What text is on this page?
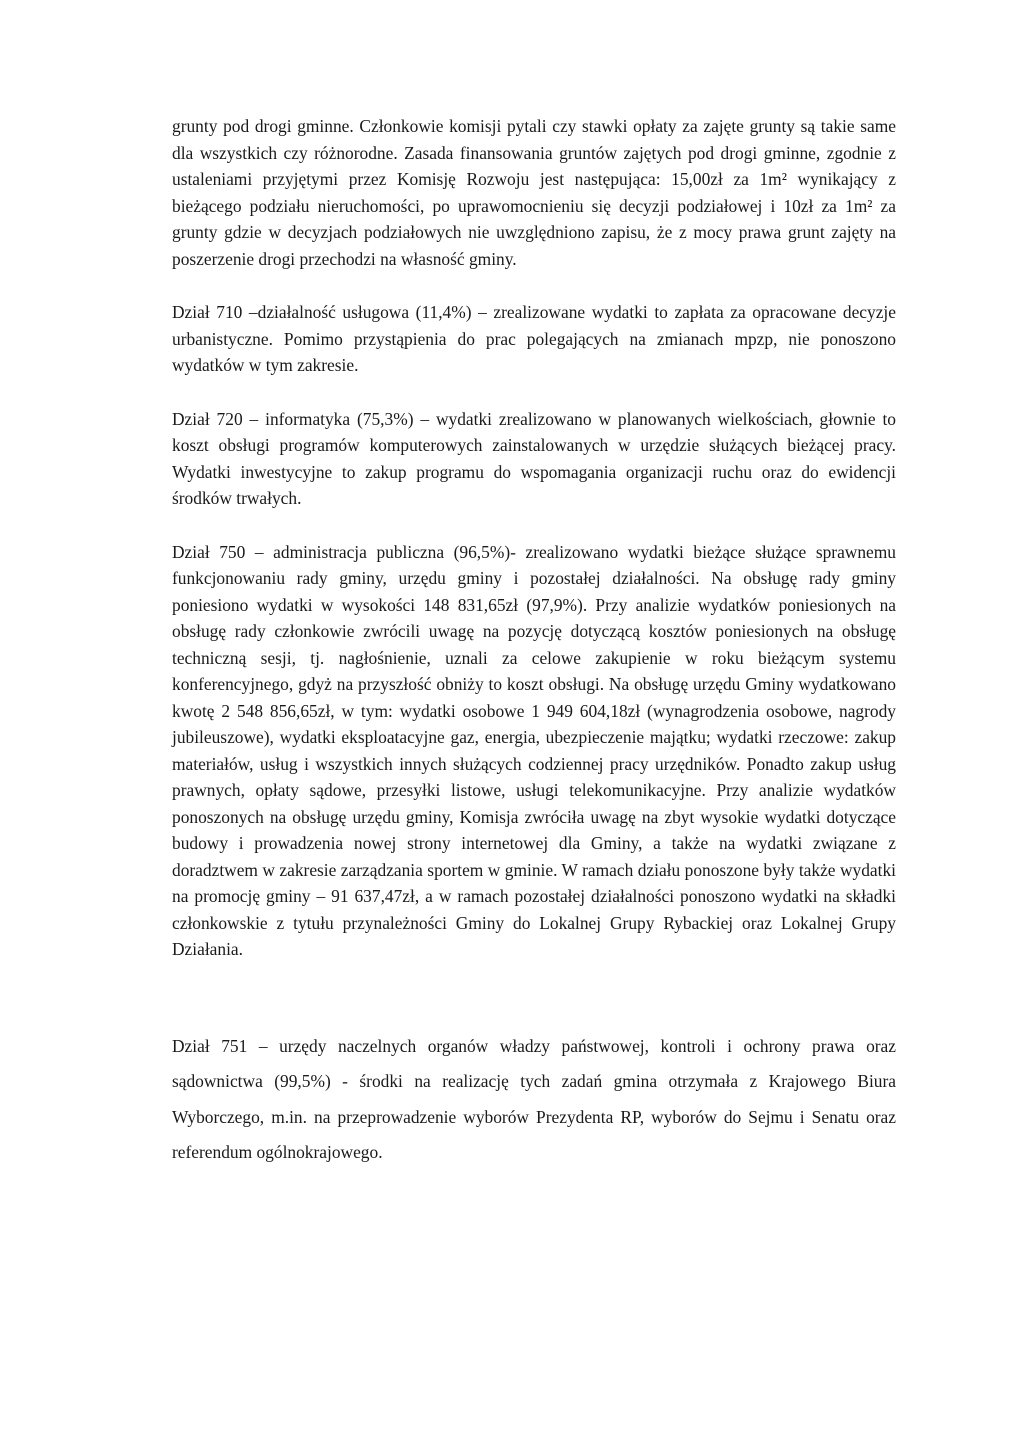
grunty pod drogi gminne. Członkowie komisji pytali czy stawki opłaty za zajęte grunty są takie same dla wszystkich czy różnorodne. Zasada finansowania gruntów zajętych pod drogi gminne, zgodnie z ustaleniami przyjętymi przez Komisję Rozwoju jest następująca: 15,00zł za 1m² wynikający z bieżącego podziału nieruchomości, po uprawomocnieniu się decyzji podziałowej i 10zł za 1m² za grunty gdzie w decyzjach podziałowych nie uwzględniono zapisu, że z mocy prawa grunt zajęty na poszerzenie drogi przechodzi na własność gminy.

Dział 710 –działalność usługowa (11,4%) – zrealizowane wydatki to zapłata za opracowane decyzje urbanistyczne. Pomimo przystąpienia do prac polegających na zmianach mpzp, nie ponoszono wydatków w tym zakresie.

Dział 720 – informatyka (75,3%) – wydatki zrealizowano w planowanych wielkościach, głownie to koszt obsługi programów komputerowych zainstalowanych w urzędzie służących bieżącej pracy. Wydatki inwestycyjne to zakup programu do wspomagania organizacji ruchu oraz do ewidencji środków trwałych.

Dział 750 – administracja publiczna (96,5%)- zrealizowano wydatki bieżące służące sprawnemu funkcjonowaniu rady gminy, urzędu gminy i pozostałej działalności. Na obsługę rady gminy poniesiono wydatki w wysokości 148 831,65zł (97,9%). Przy analizie wydatków poniesionych na obsługę rady członkowie zwrócili uwagę na pozycję dotyczącą kosztów poniesionych na obsługę techniczną sesji, tj. nagłośnienie, uznali za celowe zakupienie w roku bieżącym systemu konferencyjnego, gdyż na przyszłość obniży to koszt obsługi. Na obsługę urzędu Gminy wydatkowano kwotę 2 548 856,65zł, w tym: wydatki osobowe 1 949 604,18zł (wynagrodzenia osobowe, nagrody jubileuszowe), wydatki eksploatacyjne gaz, energia, ubezpieczenie majątku; wydatki rzeczowe: zakup materiałów, usług i wszystkich innych służących codziennej pracy urzędników. Ponadto zakup usług prawnych, opłaty sądowe, przesyłki listowe, usługi telekomunikacyjne. Przy analizie wydatków ponoszonych na obsługę urzędu gminy, Komisja zwróciła uwagę na zbyt wysokie wydatki dotyczące budowy i prowadzenia nowej strony internetowej dla Gminy, a także na wydatki związane z doradztwem w zakresie zarządzania sportem w gminie. W ramach działu ponoszone były także wydatki na promocję gminy – 91 637,47zł, a w ramach pozostałej działalności ponoszono wydatki na składki członkowskie z tytułu przynależności Gminy do Lokalnej Grupy Rybackiej oraz Lokalnej Grupy Działania.

Dział 751 – urzędy naczelnych organów władzy państwowej, kontroli i ochrony prawa oraz sądownictwa (99,5%) - środki na realizację tych zadań gmina otrzymała z Krajowego Biura Wyborczego, m.in. na przeprowadzenie wyborów Prezydenta RP, wyborów do Sejmu i Senatu oraz referendum ogólnokrajowego.
